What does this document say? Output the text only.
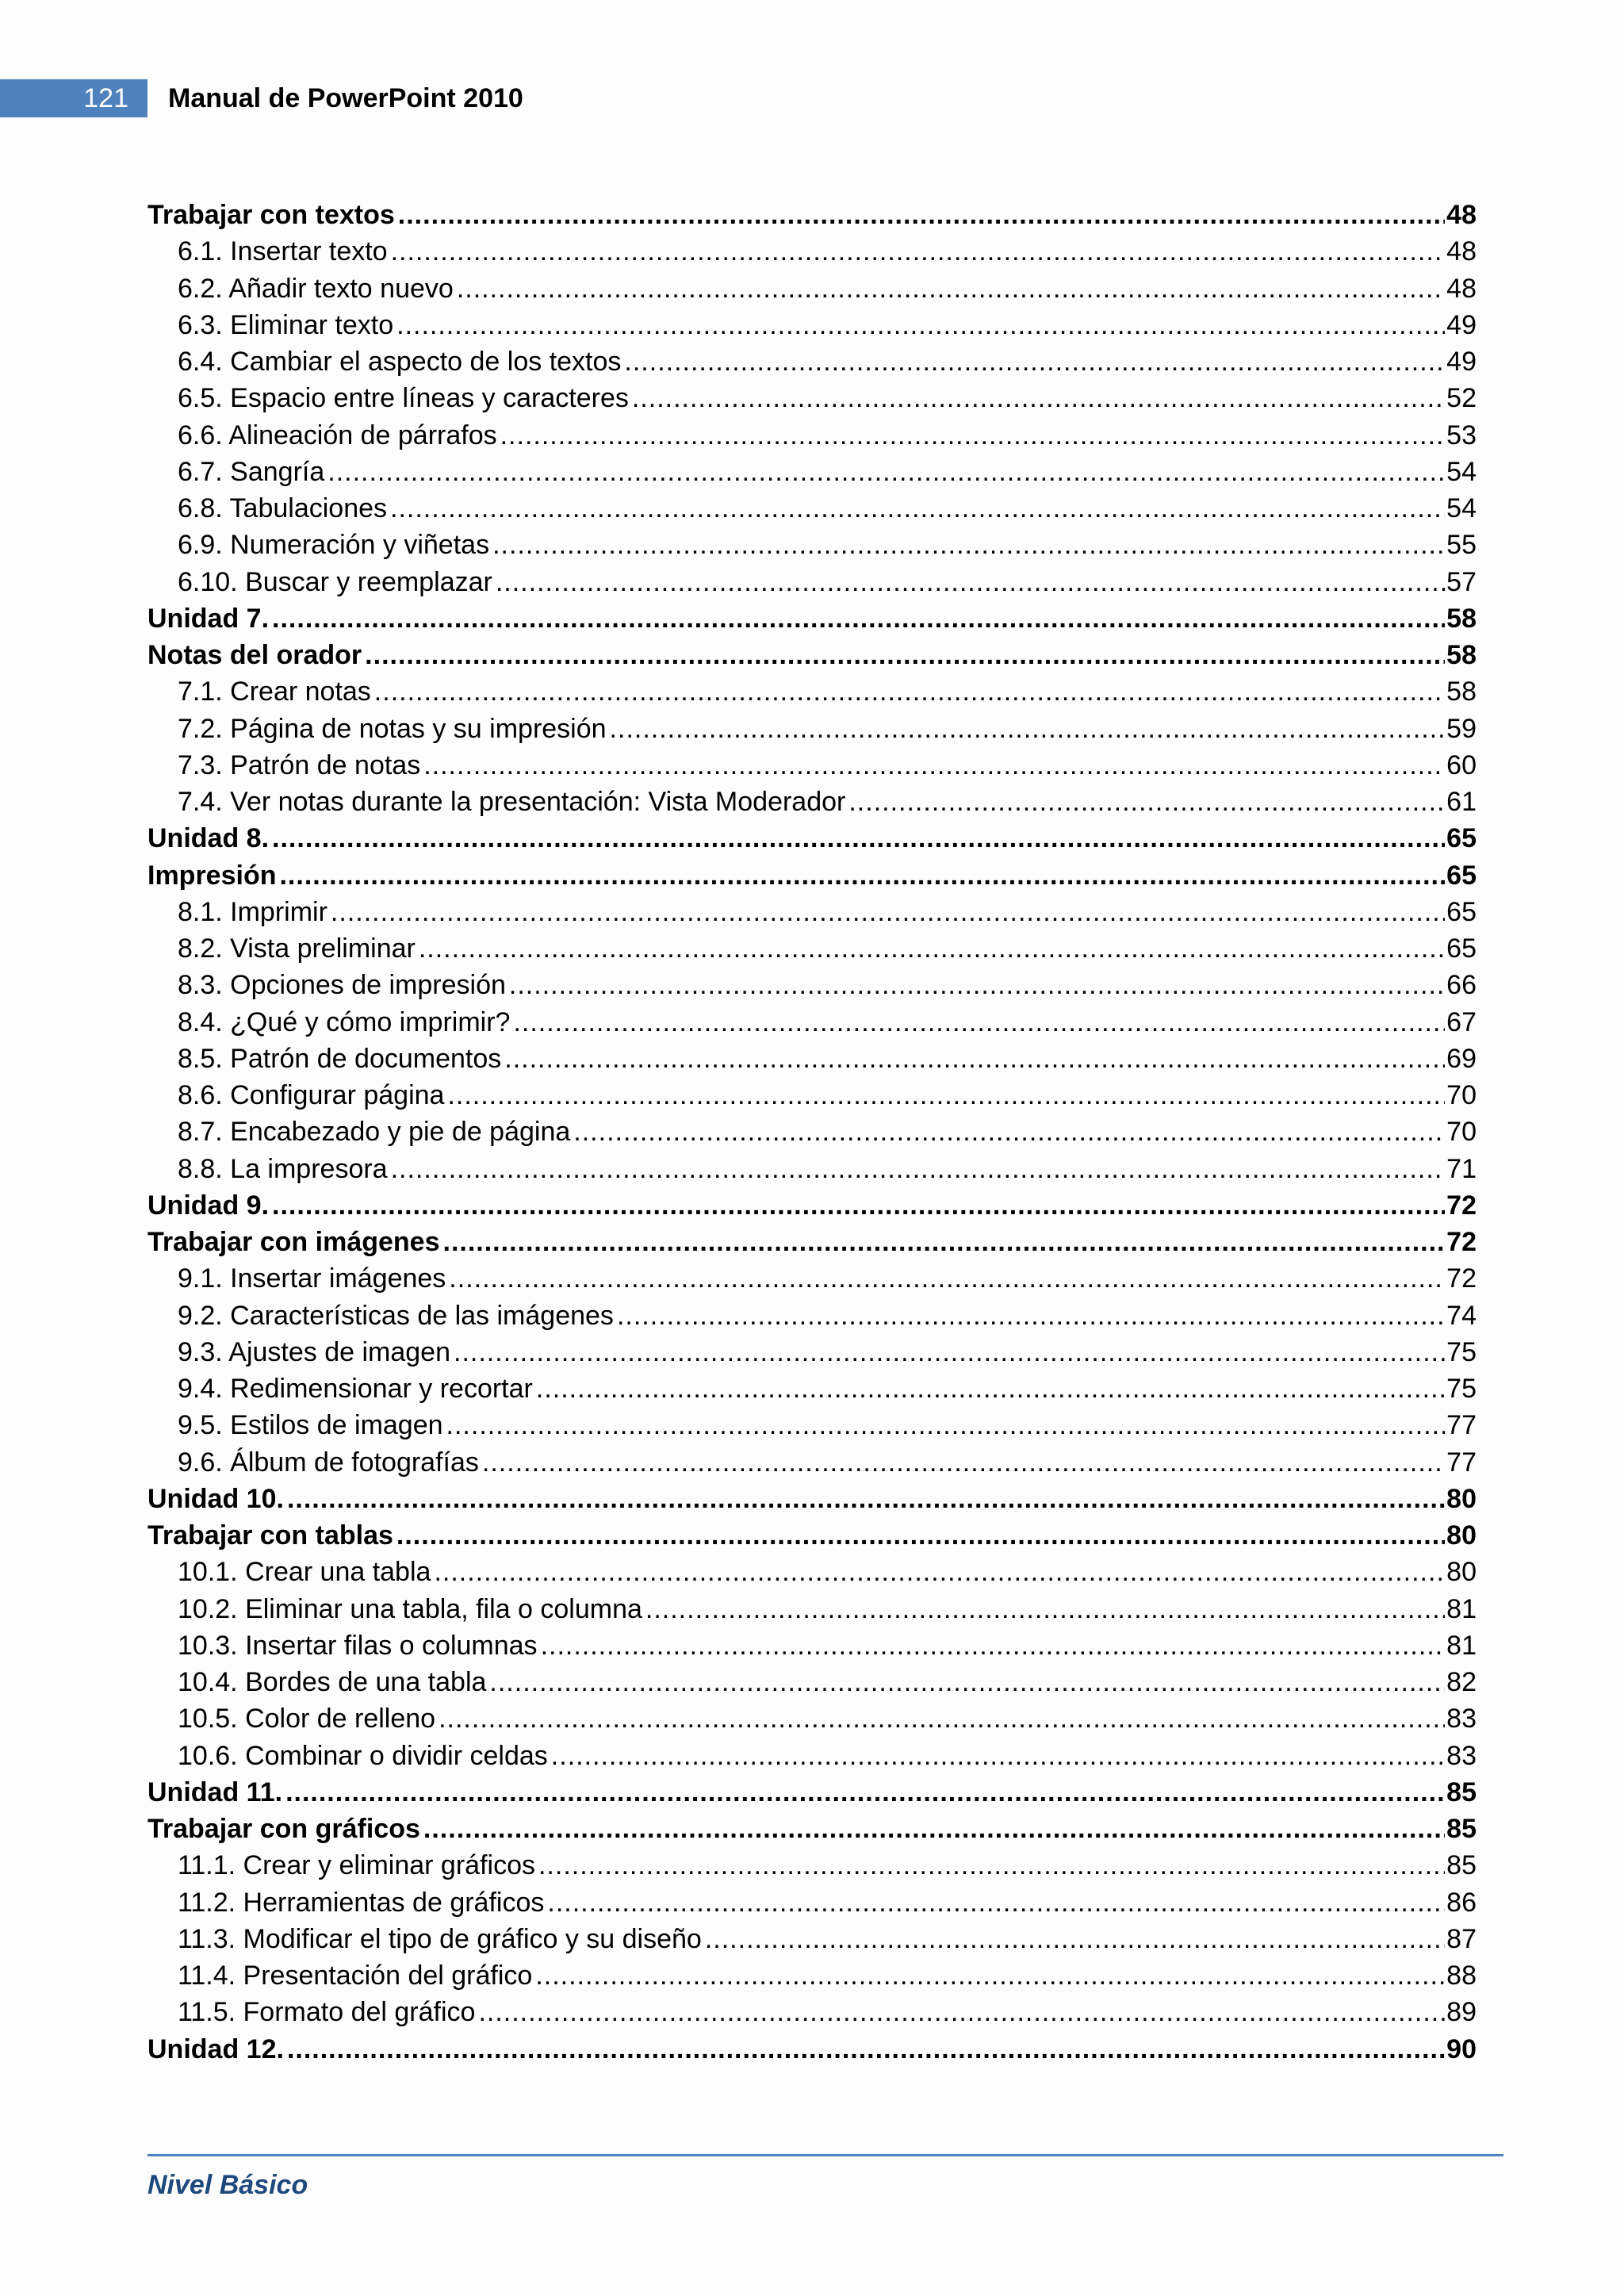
121	Manual de PowerPoint 2010
Trabajar con textos .....	48
6.1. Insertar texto .....	48
6.2. Añadir texto nuevo .....	48
6.3. Eliminar texto .....	49
6.4. Cambiar el aspecto de los textos .....	49
6.5. Espacio entre líneas y caracteres .....	52
6.6. Alineación de párrafos .....	53
6.7. Sangría .....	54
6.8. Tabulaciones .....	54
6.9. Numeración y viñetas .....	55
6.10. Buscar y reemplazar .....	57
Unidad 7. .....	58
Notas del orador .....	58
7.1. Crear notas .....	58
7.2. Página de notas y su impresión .....	59
7.3. Patrón de notas .....	60
7.4. Ver notas durante la presentación: Vista Moderador .....	61
Unidad 8. .....	65
Impresión .....	65
8.1. Imprimir .....	65
8.2. Vista preliminar .....	65
8.3. Opciones de impresión .....	66
8.4. ¿Qué y cómo imprimir? .....	67
8.5. Patrón de documentos .....	69
8.6. Configurar página .....	70
8.7. Encabezado y pie de página .....	70
8.8. La impresora .....	71
Unidad 9. .....	72
Trabajar con imágenes .....	72
9.1. Insertar imágenes .....	72
9.2. Características de las imágenes .....	74
9.3. Ajustes de imagen .....	75
9.4. Redimensionar y recortar .....	75
9.5. Estilos de imagen .....	77
9.6. Álbum de fotografías .....	77
Unidad 10. .....	80
Trabajar con tablas .....	80
10.1. Crear una tabla .....	80
10.2. Eliminar una tabla, fila o columna .....	81
10.3. Insertar filas o columnas .....	81
10.4. Bordes de una tabla .....	82
10.5. Color de relleno .....	83
10.6. Combinar o dividir celdas .....	83
Unidad 11. .....	85
Trabajar con gráficos .....	85
11.1. Crear y eliminar gráficos .....	85
11.2. Herramientas de gráficos .....	86
11.3. Modificar el tipo de gráfico y su diseño .....	87
11.4. Presentación del gráfico .....	88
11.5. Formato del gráfico .....	89
Unidad 12. .....	90
Nivel Básico
